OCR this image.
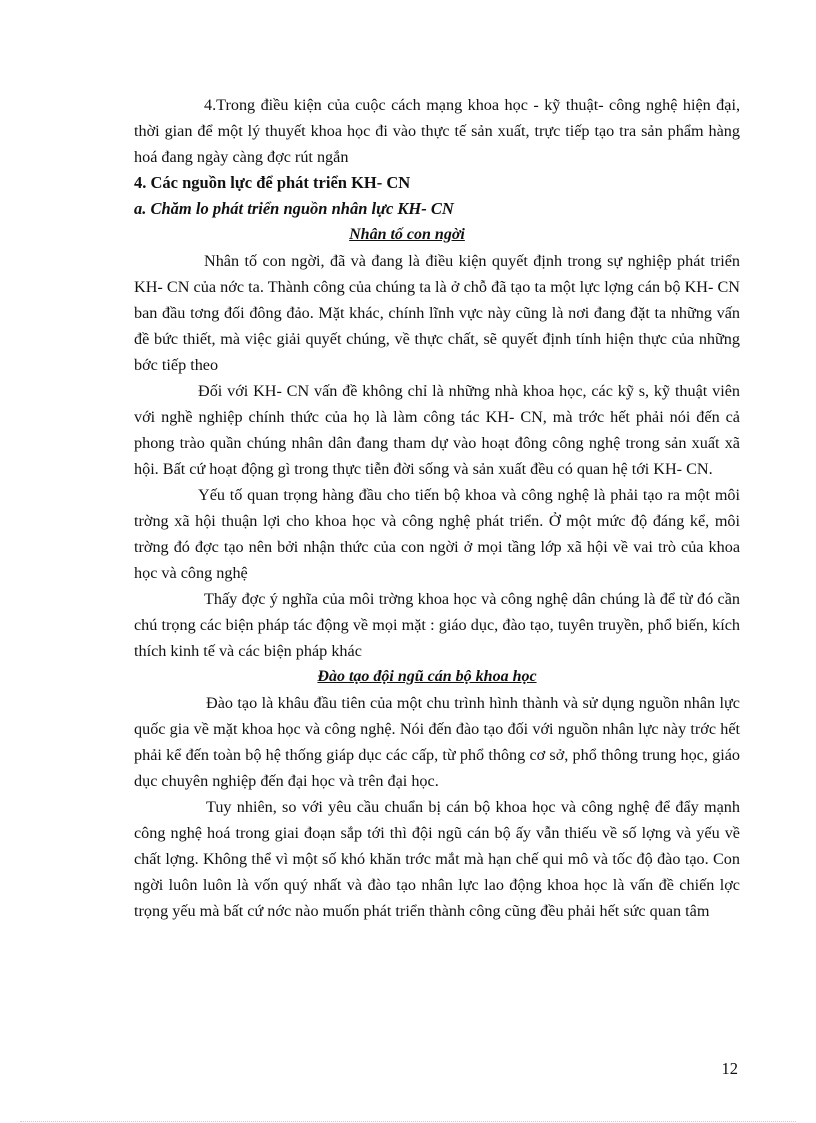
4.Trong điều kiện của cuộc cách mạng khoa học - kỹ thuật- công nghệ hiện đại, thời gian để một lý thuyết khoa học đi vào thực tế sản xuất, trực tiếp tạo tra sản phẩm hàng hoá đang ngày càng đợc rút ngắn

4. Các nguồn lực để phát triển KH- CN
a. Chăm lo phát triển nguồn nhân lực KH- CN
Nhân tố con ngời

Nhân tố con ngời, đã và đang là điều kiện quyết định trong sự nghiệp phát triển KH- CN của nớc ta. Thành công của chúng ta là ở chỗ đã tạo ta một lực lợng cán bộ KH- CN ban đầu tơng đối đông đảo. Mặt khác, chính lĩnh vực này cũng là nơi đang đặt ta những vấn đề bức thiết, mà việc giải quyết chúng, về thực chất, sẽ quyết định tính hiện thực của những bớc tiếp theo

Đối với KH- CN vấn đề không chỉ là những nhà khoa học, các kỹ s, kỹ thuật viên với nghề nghiệp chính thức của họ là làm công tác KH- CN, mà trớc hết phải nói đến cả phong trào quần chúng nhân dân đang tham dự vào hoạt đông công nghệ trong sản xuất xã hội. Bất cứ hoạt động gì trong thực tiễn đời sống và sản xuất đều có quan hệ tới KH- CN.

Yếu tố quan trọng hàng đầu cho tiến bộ khoa và công nghệ là phải tạo ra một môi trờng xã hội thuận lợi cho khoa học và công nghệ phát triển. Ở một mức độ đáng kể, môi trờng đó đợc tạo nên bởi nhận thức của con ngời ở mọi tầng lớp xã hội về vai trò của khoa học và công nghệ

Thấy đợc ý nghĩa của môi trờng khoa học và công nghệ dân chúng là để từ đó cần chú trọng các biện pháp tác động về mọi mặt : giáo dục, đào tạo, tuyên truyền, phổ biến, kích thích kinh tế và các biện pháp khác

Đào tạo đội ngũ cán bộ khoa học

Đào tạo là khâu đầu tiên của một chu trình hình thành và sử dụng nguồn nhân lực quốc gia về mặt khoa học và công nghệ. Nói đến đào tạo đối với nguồn nhân lực này trớc hết phải kể đến toàn bộ hệ thống giáp dục các cấp, từ phổ thông cơ sở, phổ thông trung học, giáo dục chuyên nghiệp đến đại học và trên đại học.

Tuy nhiên, so với yêu cầu chuẩn bị cán bộ khoa học và công nghệ để đẩy mạnh công nghệ hoá trong giai đoạn sắp tới thì đội ngũ cán bộ ấy vẫn thiếu về số lợng và yếu về chất lợng. Không thể vì một số khó khăn trớc mắt mà hạn chế qui mô và tốc độ đào tạo. Con ngời luôn luôn là vốn quý nhất và đào tạo nhân lực lao động khoa học là vấn đề chiến lợc trọng yếu mà bất cứ nớc nào muốn phát triển thành công cũng đều phải hết sức quan tâm

12
